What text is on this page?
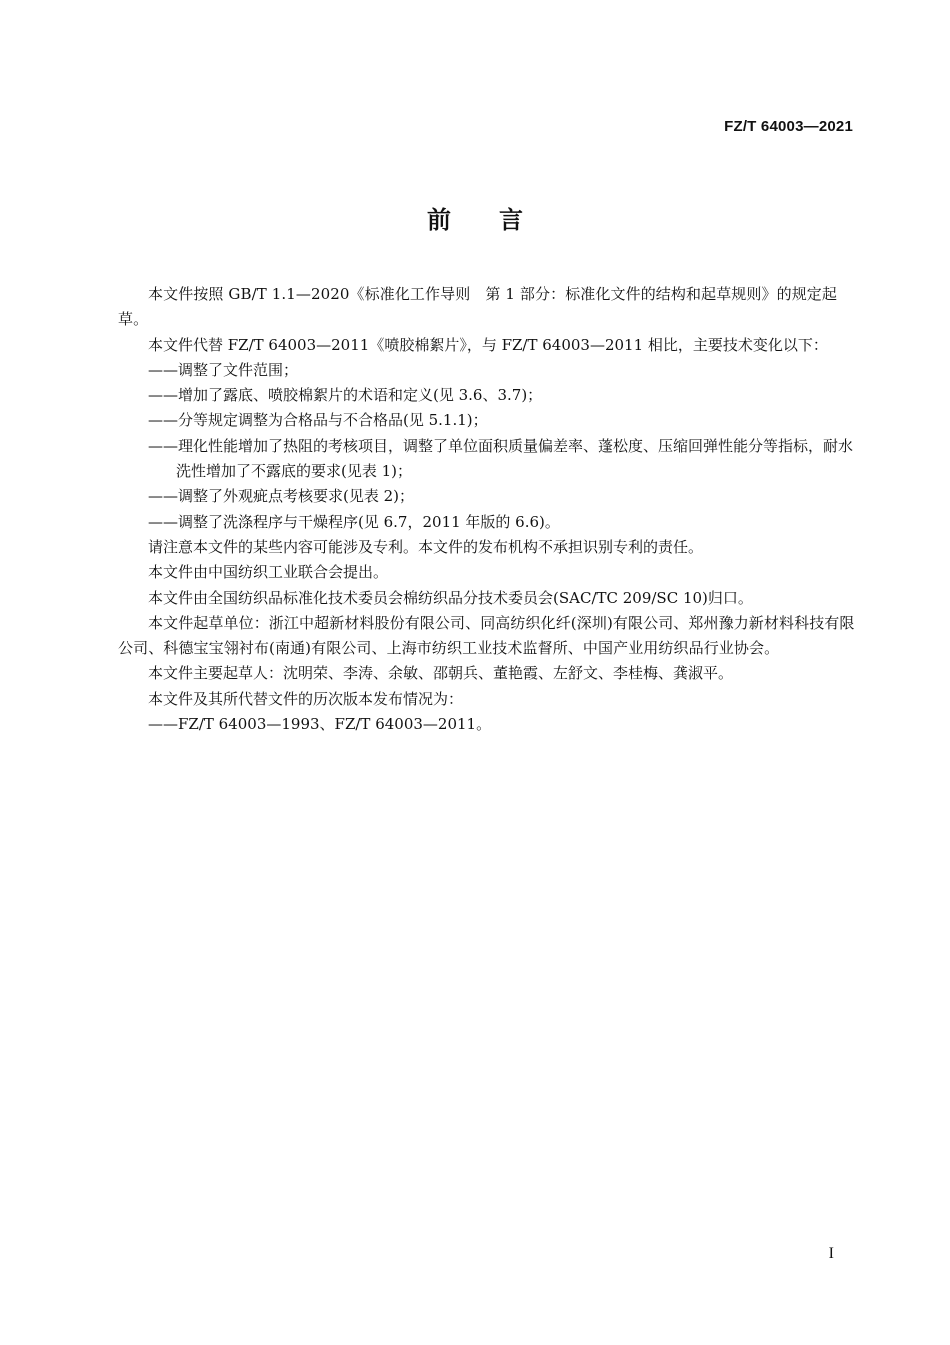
FZ/T 64003—2021
前言

本文件按照 GB/T 1.1—2020《标准化工作导则　第 1 部分：标准化文件的结构和起草规则》的规定起草。

本文件代替 FZ/T 64003—2011《喷胶棉絮片》，与 FZ/T 64003—2011 相比，主要技术变化以下：

——调整了文件范围；

——增加了露底、喷胶棉絮片的术语和定义(见 3.6、3.7)；

——分等规定调整为合格品与不合格品(见 5.1.1)；

——理化性能增加了热阻的考核项目，调整了单位面积质量偏差率、蓬松度、压缩回弹性能分等指标，耐水洗性增加了不露底的要求(见表 1)；

——调整了外观疵点考核要求(见表 2)；

——调整了洗涤程序与干燥程序(见 6.7，2011 年版的 6.6)。

请注意本文件的某些内容可能涉及专利。本文件的发布机构不承担识别专利的责任。

本文件由中国纺织工业联合会提出。

本文件由全国纺织品标准化技术委员会棉纺织品分技术委员会(SAC/TC 209/SC 10)归口。

本文件起草单位：浙江中超新材料股份有限公司、同高纺织化纤(深圳)有限公司、郑州豫力新材料科技有限公司、科德宝宝翎衬布(南通)有限公司、上海市纺织工业技术监督所、中国产业用纺织品行业协会。

本文件主要起草人：沈明荣、李涛、余敏、邵朝兵、董艳霞、左舒文、李桂梅、龚淑平。

本文件及其所代替文件的历次版本发布情况为：

——FZ/T 64003—1993、FZ/T 64003—2011。

I
